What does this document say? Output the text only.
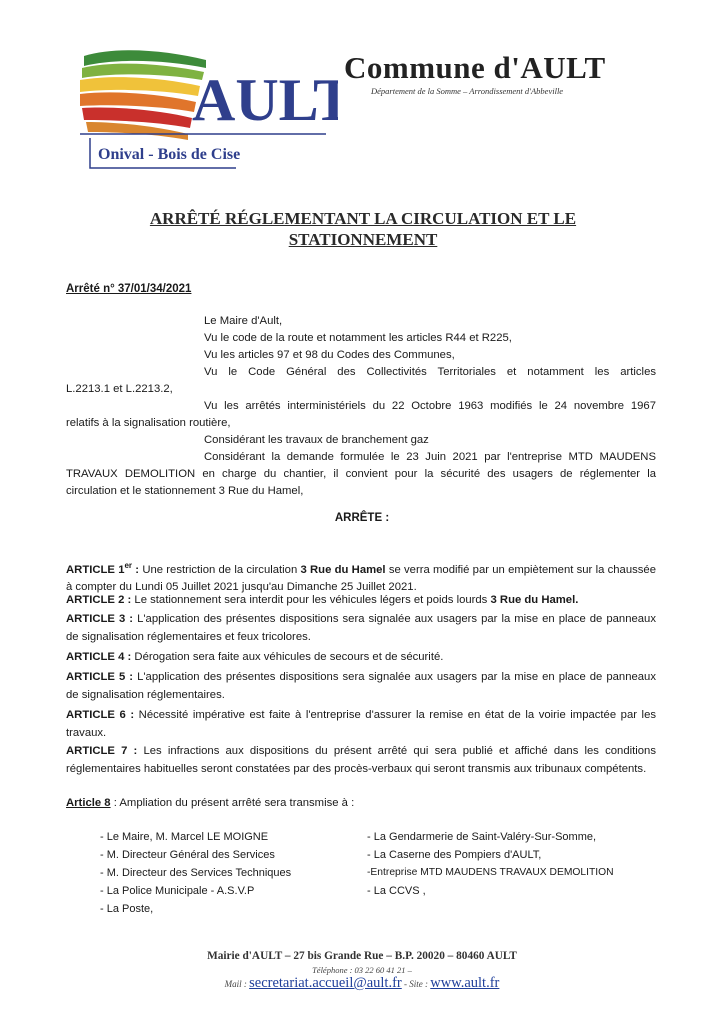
AULT
Onival - Bois de Cise
Commune d'AULT
Département de la Somme – Arrondissement d'Abbeville
ARRÊTÉ RÉGLEMENTANT LA CIRCULATION ET LE
STATIONNEMENT
Arrêté n° 37/01/34/2021
Le Maire d'Ault,
Vu le code de la route et notamment les articles R44 et R225,
Vu les articles 97 et 98 du Codes des Communes,
Vu le Code Général des Collectivités Territoriales et notamment les articles
L.2213.1 et L.2213.2,
Vu les arrêtés interministériels du 22 Octobre 1963 modifiés le 24 novembre 1967
relatifs à la signalisation routière,
Considérant les travaux de branchement gaz
Considérant la demande formulée le 23 Juin 2021 par l'entreprise MTD MAUDENS
TRAVAUX DEMOLITION en charge du chantier, il convient pour la sécurité des usagers de réglementer la
circulation et le stationnement 3 Rue du Hamel,
ARRÊTE :
ARTICLE 1er : Une restriction de la circulation 3 Rue du Hamel se verra modifié par un empiètement sur la chaussée à compter du Lundi 05 Juillet 2021 jusqu'au Dimanche 25 Juillet 2021.
ARTICLE 2 : Le stationnement sera interdit pour les véhicules légers et poids lourds 3 Rue du Hamel.
ARTICLE 3 : L'application des présentes dispositions sera signalée aux usagers par la mise en place de panneaux de signalisation réglementaires et feux tricolores.
ARTICLE 4 : Dérogation sera faite aux véhicules de secours et de sécurité.
ARTICLE 5 : L'application des présentes dispositions sera signalée aux usagers par la mise en place de panneaux de signalisation réglementaires.
ARTICLE 6 : Nécessité impérative est faite à l'entreprise d'assurer la remise en état de la voirie impactée par les travaux.
ARTICLE 7 : Les infractions aux dispositions du présent arrêté qui sera publié et affiché dans les conditions réglementaires habituelles seront constatées par des procès-verbaux qui seront transmis aux tribunaux compétents.
Article 8 : Ampliation du présent arrêté sera transmise à :
- Le Maire, M. Marcel LE MOIGNE
- M. Directeur Général des Services
- M. Directeur des Services Techniques
- La Police Municipale - A.S.V.P
- La Poste,
- La Gendarmerie de Saint-Valéry-Sur-Somme,
- La Caserne des Pompiers d'AULT,
-Entreprise MTD MAUDENS TRAVAUX DEMOLITION
- La CCVS ,
Mairie d'AULT – 27 bis Grande Rue – B.P. 20020 – 80460 AULT
Téléphone : 03 22 60 41 21 –
Mail : secretariat.accueil@ault.fr - Site : www.ault.fr
